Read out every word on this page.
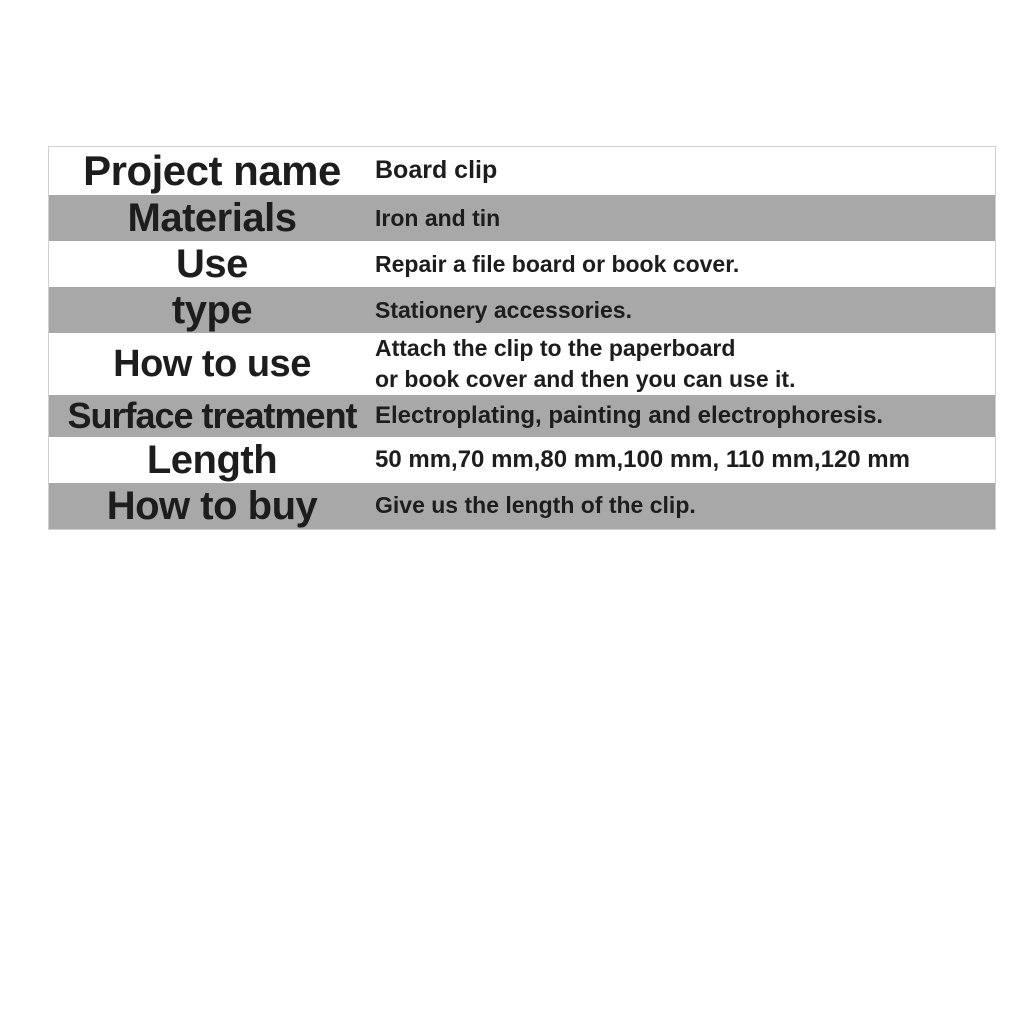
Project name	Board clip

Materials	Iron and tin

Use	Repair a file board or book cover.

type	Stationery accessories.

How to use	Attach the clip to the paperboard
or book cover and then you can use it.

Surface treatment	Electroplating, painting and electrophoresis.

Length	50 mm,70 mm,80 mm,100 mm, 110 mm,120 mm

How to buy	Give us the length of the clip.
